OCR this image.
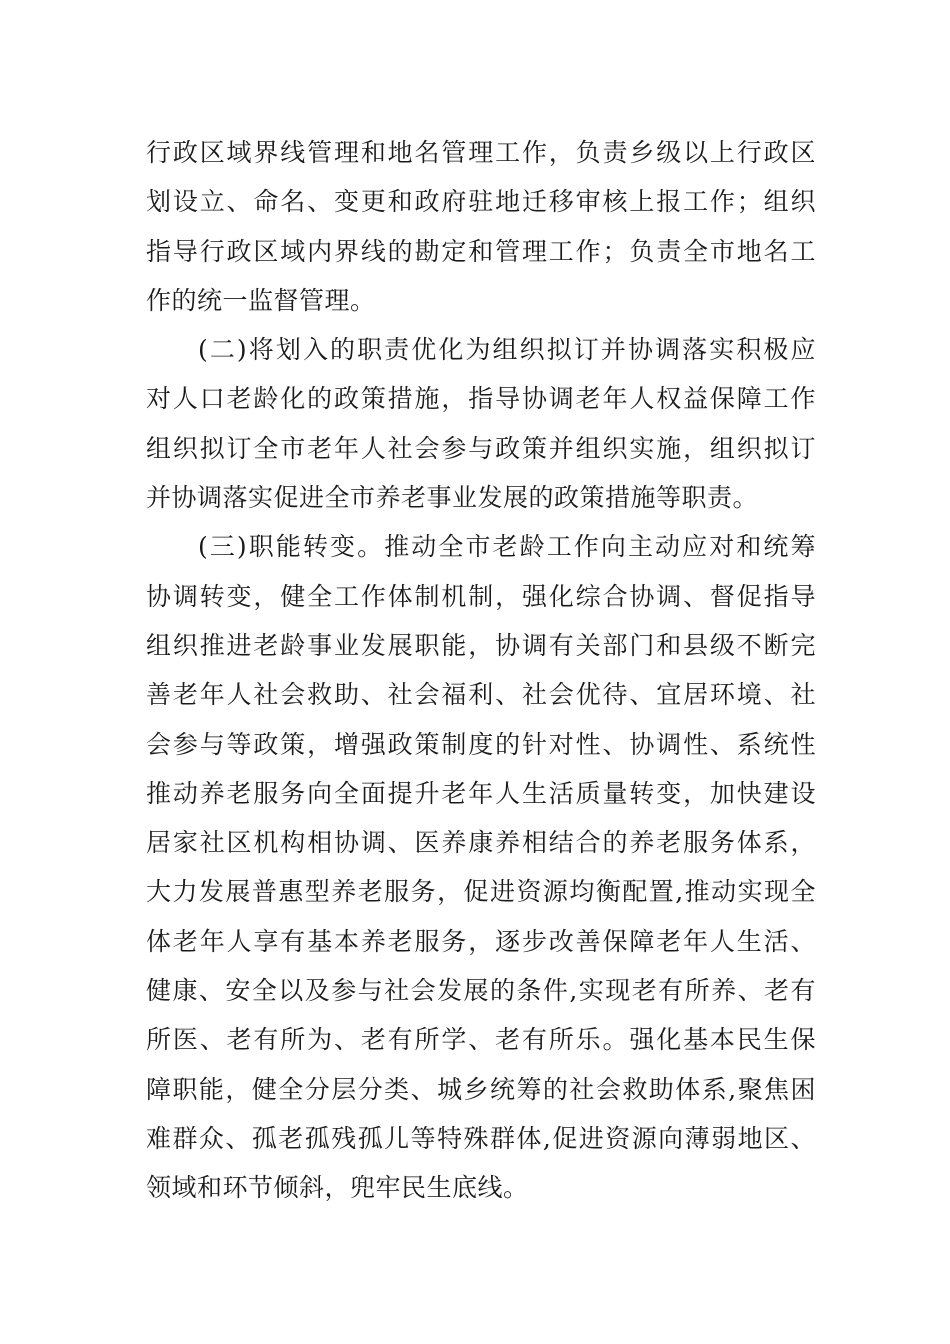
行政区域界线管理和地名管理工作，负责乡级以上行政区
划设立、命名、变更和政府驻地迁移审核上报工作；组织
指导行政区域内界线的勘定和管理工作；负责全市地名工
作的统一监督管理。
(二)将划入的职责优化为组织拟订并协调落实积极应
对人口老龄化的政策措施，指导协调老年人权益保障工作
组织拟订全市老年人社会参与政策并组织实施，组织拟订
并协调落实促进全市养老事业发展的政策措施等职责。
(三)职能转变。推动全市老龄工作向主动应对和统筹
协调转变，健全工作体制机制，强化综合协调、督促指导
组织推进老龄事业发展职能，协调有关部门和县级不断完
善老年人社会救助、社会福利、社会优待、宜居环境、社
会参与等政策，增强政策制度的针对性、协调性、系统性
推动养老服务向全面提升老年人生活质量转变，加快建设
居家社区机构相协调、医养康养相结合的养老服务体系，
大力发展普惠型养老服务，促进资源均衡配置,推动实现全
体老年人享有基本养老服务，逐步改善保障老年人生活、
健康、安全以及参与社会发展的条件,实现老有所养、老有
所医、老有所为、老有所学、老有所乐。强化基本民生保
障职能，健全分层分类、城乡统筹的社会救助体系,聚焦困
难群众、孤老孤残孤儿等特殊群体,促进资源向薄弱地区、
领域和环节倾斜，兜牢民生底线。
